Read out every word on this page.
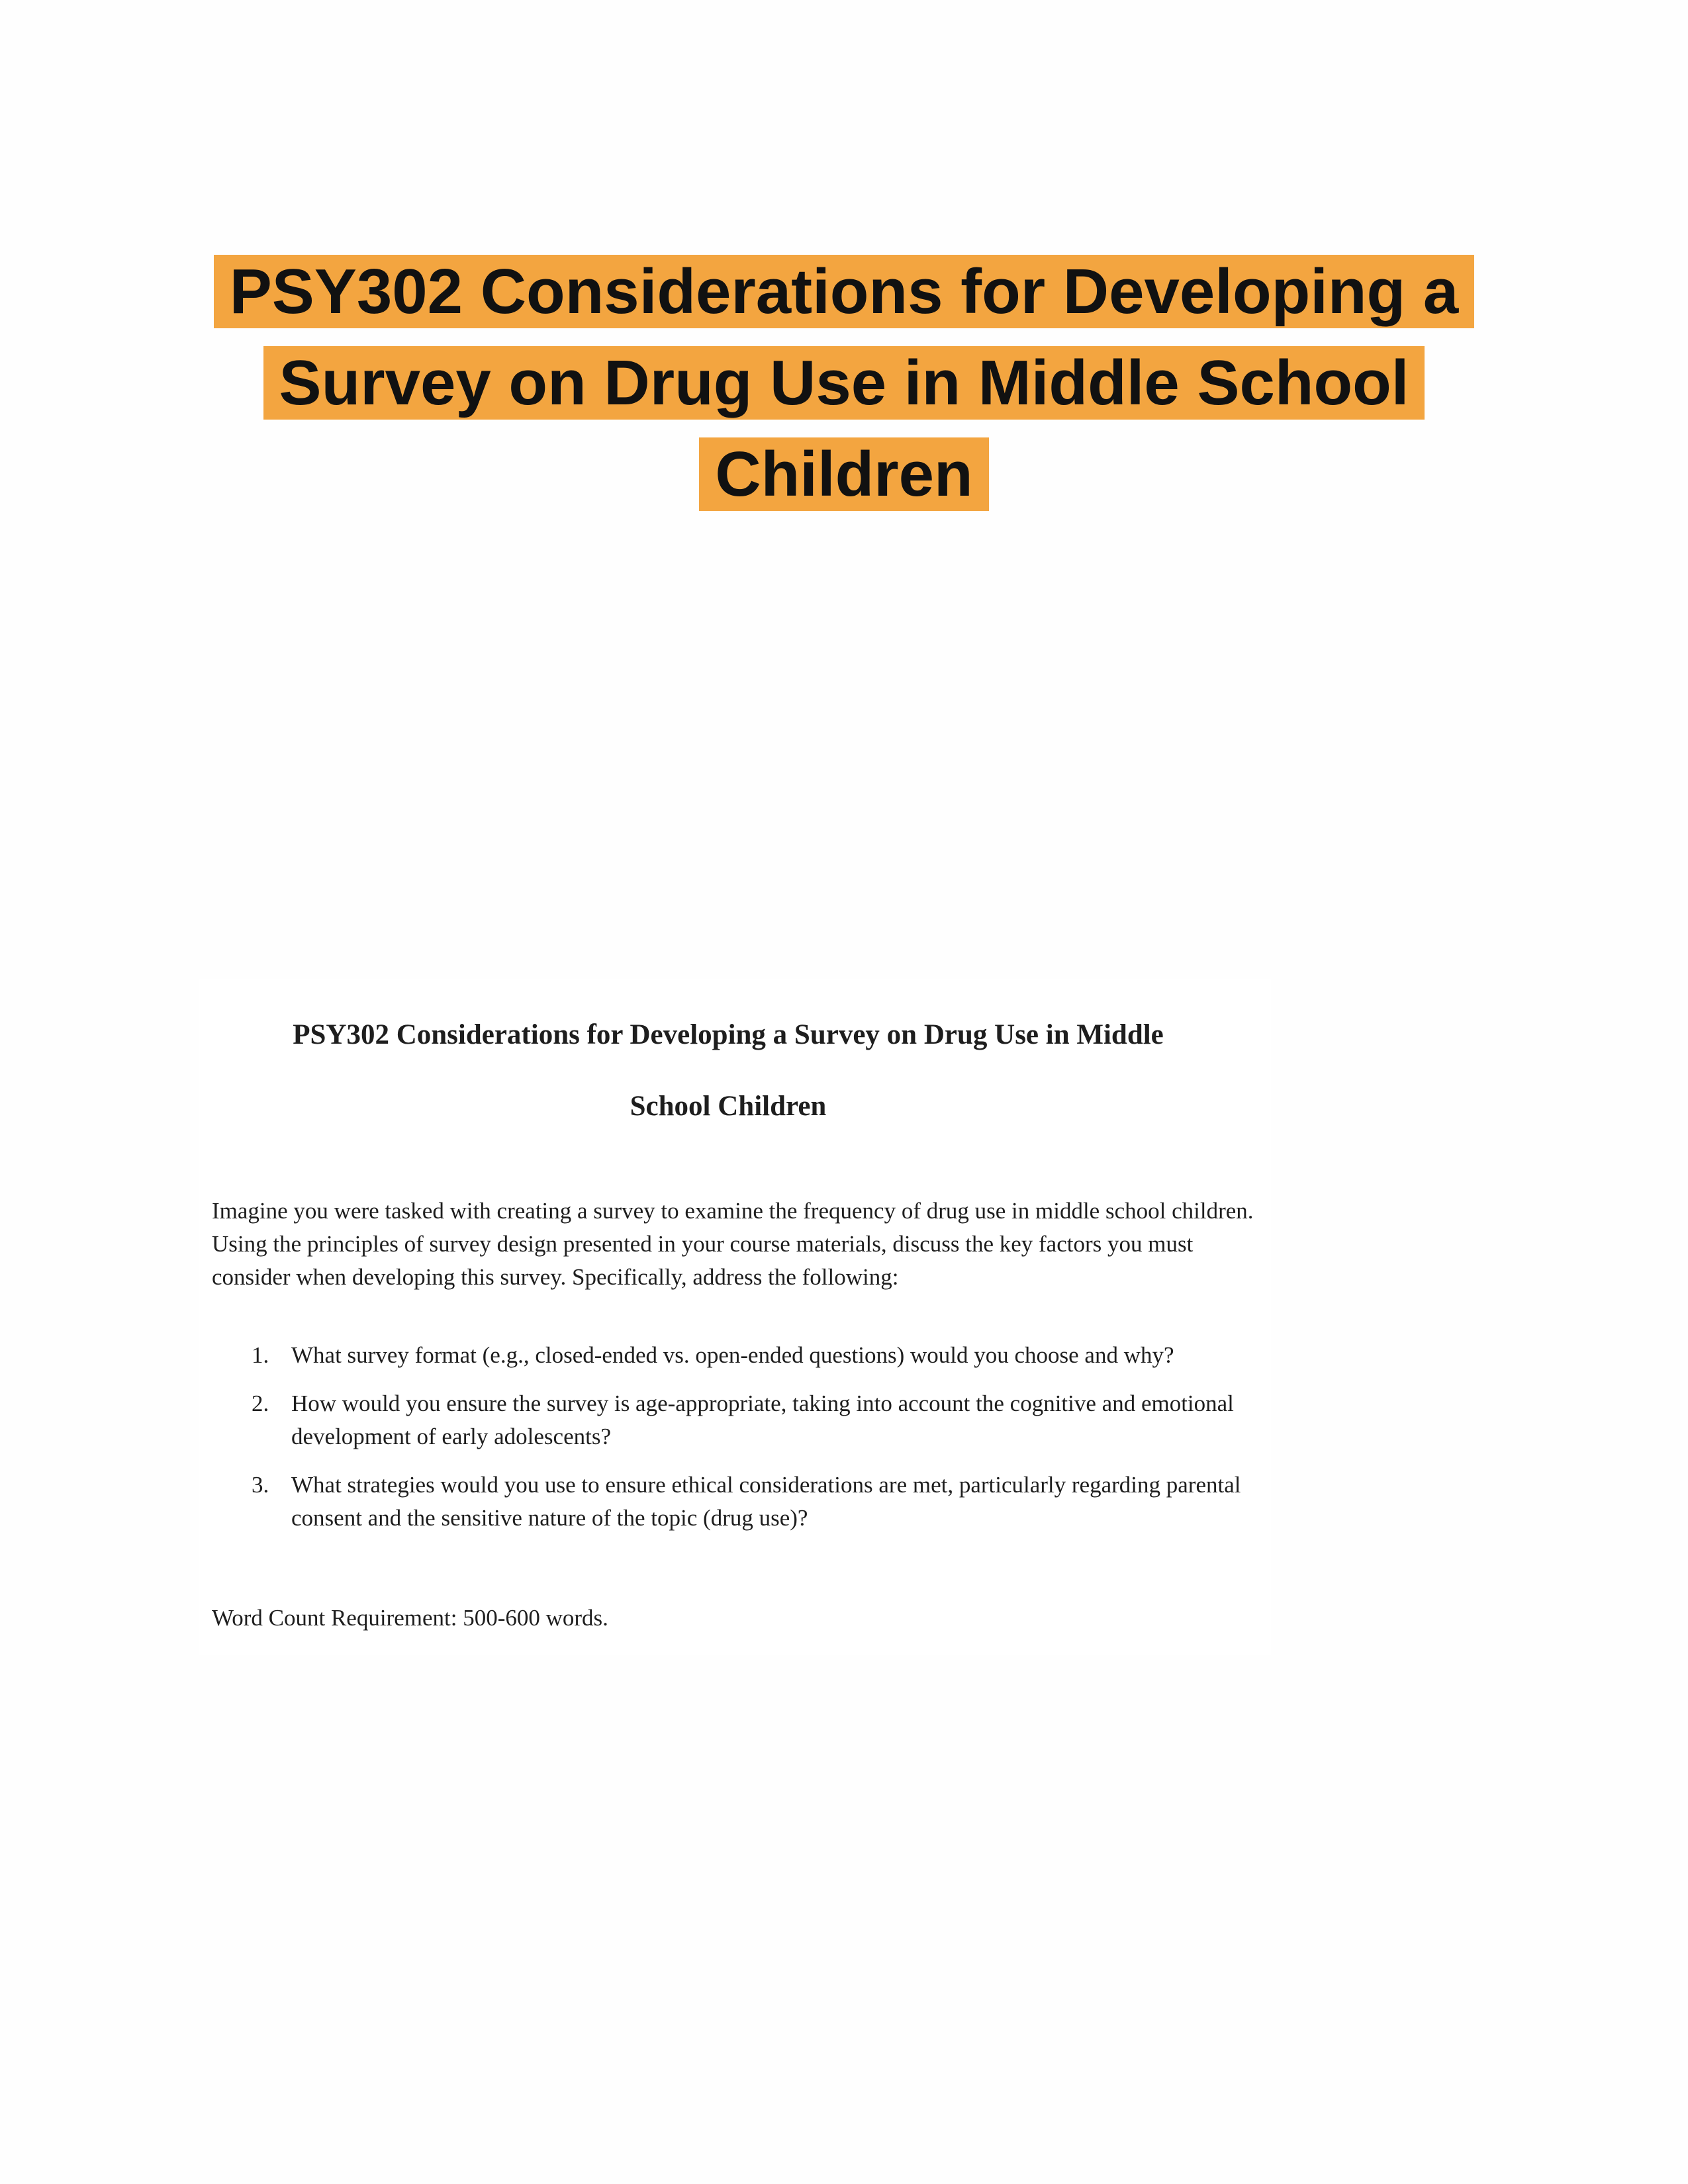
PSY302 Considerations for Developing a
Survey on Drug Use in Middle School
Children
PSY302 Considerations for Developing a Survey on Drug Use in Middle
School Children

Imagine you were tasked with creating a survey to examine the frequency of drug use in middle school children. Using the principles of survey design presented in your course materials, discuss the key factors you must consider when developing this survey. Specifically, address the following:

1. What survey format (e.g., closed-ended vs. open-ended questions) would you choose and why?
2. How would you ensure the survey is age-appropriate, taking into account the cognitive and emotional development of early adolescents?
3. What strategies would you use to ensure ethical considerations are met, particularly regarding parental consent and the sensitive nature of the topic (drug use)?

Word Count Requirement: 500-600 words.
